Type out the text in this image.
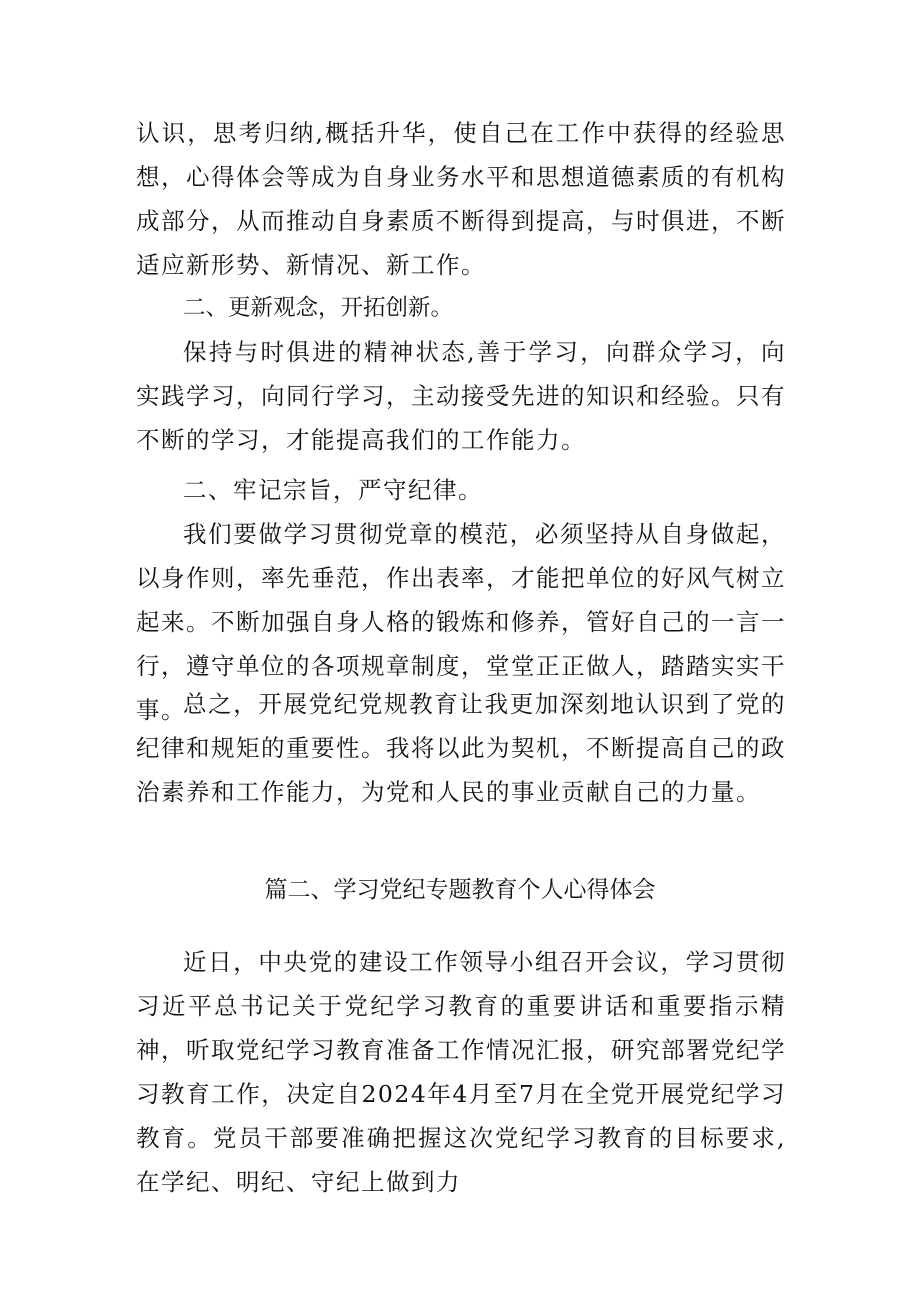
认识，思考归纳,概括升华，使自己在工作中获得的经验思想，心得体会等成为自身业务水平和思想道德素质的有机构成部分，从而推动自身素质不断得到提高，与时俱进，不断适应新形势、新情况、新工作。

二、更新观念，开拓创新。

保持与时俱进的精神状态,善于学习，向群众学习，向实践学习，向同行学习，主动接受先进的知识和经验。只有不断的学习，才能提高我们的工作能力。

二、牢记宗旨，严守纪律。

我们要做学习贯彻党章的模范，必须坚持从自身做起，以身作则，率先垂范，作出表率，才能把单位的好风气树立起来。不断加强自身人格的锻炼和修养，管好自己的一言一行，遵守单位的各项规章制度，堂堂正正做人，踏踏实实干事。

总之，开展党纪党规教育让我更加深刻地认识到了党的纪律和规矩的重要性。我将以此为契机，不断提高自己的政治素养和工作能力，为党和人民的事业贡献自己的力量。

篇二、学习党纪专题教育个人心得体会

近日，中央党的建设工作领导小组召开会议，学习贯彻习近平总书记关于党纪学习教育的重要讲话和重要指示精神，听取党纪学习教育准备工作情况汇报，研究部署党纪学习教育工作，决定自2024年4月至7月在全党开展党纪学习教育。党员干部要准确把握这次党纪学习教育的目标要求,在学纪、明纪、守纪上做到力
